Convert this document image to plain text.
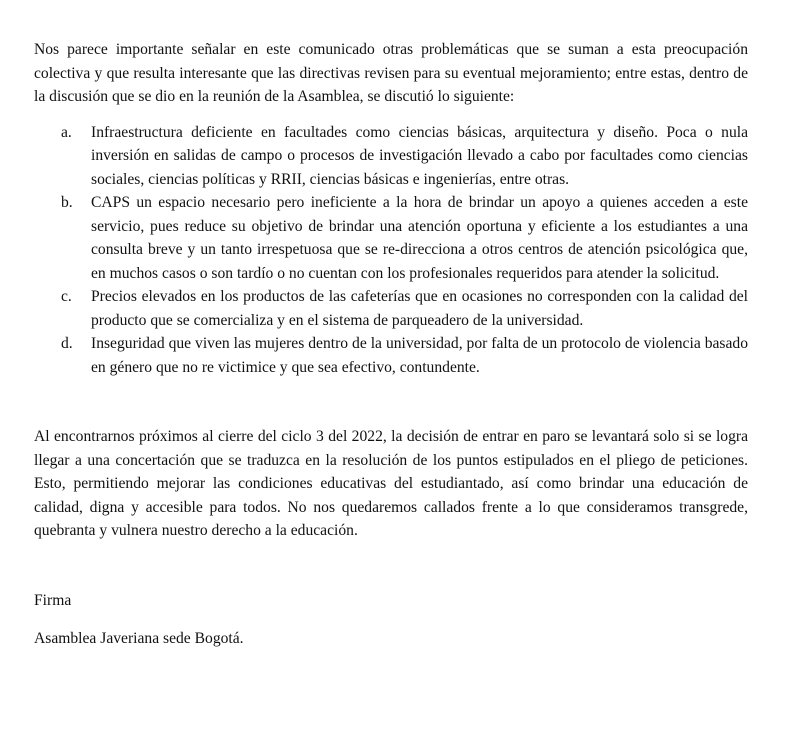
Nos parece importante señalar en este comunicado otras problemáticas que se suman a esta preocupación colectiva y que resulta interesante que las directivas revisen para su eventual mejoramiento; entre estas, dentro de la discusión que se dio en la reunión de la Asamblea, se discutió lo siguiente:

a. Infraestructura deficiente en facultades como ciencias básicas, arquitectura y diseño. Poca o nula inversión en salidas de campo o procesos de investigación llevado a cabo por facultades como ciencias sociales, ciencias políticas y RRII, ciencias básicas e ingenierías, entre otras.
b. CAPS un espacio necesario pero ineficiente a la hora de brindar un apoyo a quienes acceden a este servicio, pues reduce su objetivo de brindar una atención oportuna y eficiente a los estudiantes a una consulta breve y un tanto irrespetuosa que se re-direcciona a otros centros de atención psicológica que, en muchos casos o son tardío o no cuentan con los profesionales requeridos para atender la solicitud.
c. Precios elevados en los productos de las cafeterías que en ocasiones no corresponden con la calidad del producto que se comercializa y en el sistema de parqueadero de la universidad.
d. Inseguridad que viven las mujeres dentro de la universidad, por falta de un protocolo de violencia basado en género que no re victimice y que sea efectivo, contundente.

Al encontrarnos próximos al cierre del ciclo 3 del 2022, la decisión de entrar en paro se levantará solo si se logra llegar a una concertación que se traduzca en la resolución de los puntos estipulados en el pliego de peticiones. Esto, permitiendo mejorar las condiciones educativas del estudiantado, así como brindar una educación de calidad, digna y accesible para todos. No nos quedaremos callados frente a lo que consideramos transgrede, quebranta y vulnera nuestro derecho a la educación.

Firma

Asamblea Javeriana sede Bogotá.
